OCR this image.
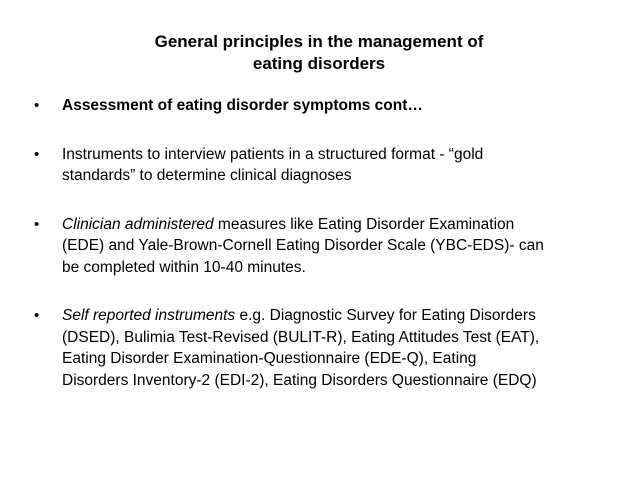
General principles in the management of
eating disorders
• Assessment of eating disorder symptoms cont…
• Instruments to interview patients in a structured format - “gold
standards” to determine clinical diagnoses
• Clinician administered measures like Eating Disorder Examination
(EDE) and Yale-Brown-Cornell Eating Disorder Scale (YBC-EDS)- can
be completed within 10-40 minutes.
• Self reported instruments e.g. Diagnostic Survey for Eating Disorders
(DSED), Bulimia Test-Revised (BULIT-R), Eating Attitudes Test (EAT),
Eating Disorder Examination-Questionnaire (EDE-Q), Eating
Disorders Inventory-2 (EDI-2), Eating Disorders Questionnaire (EDQ)
